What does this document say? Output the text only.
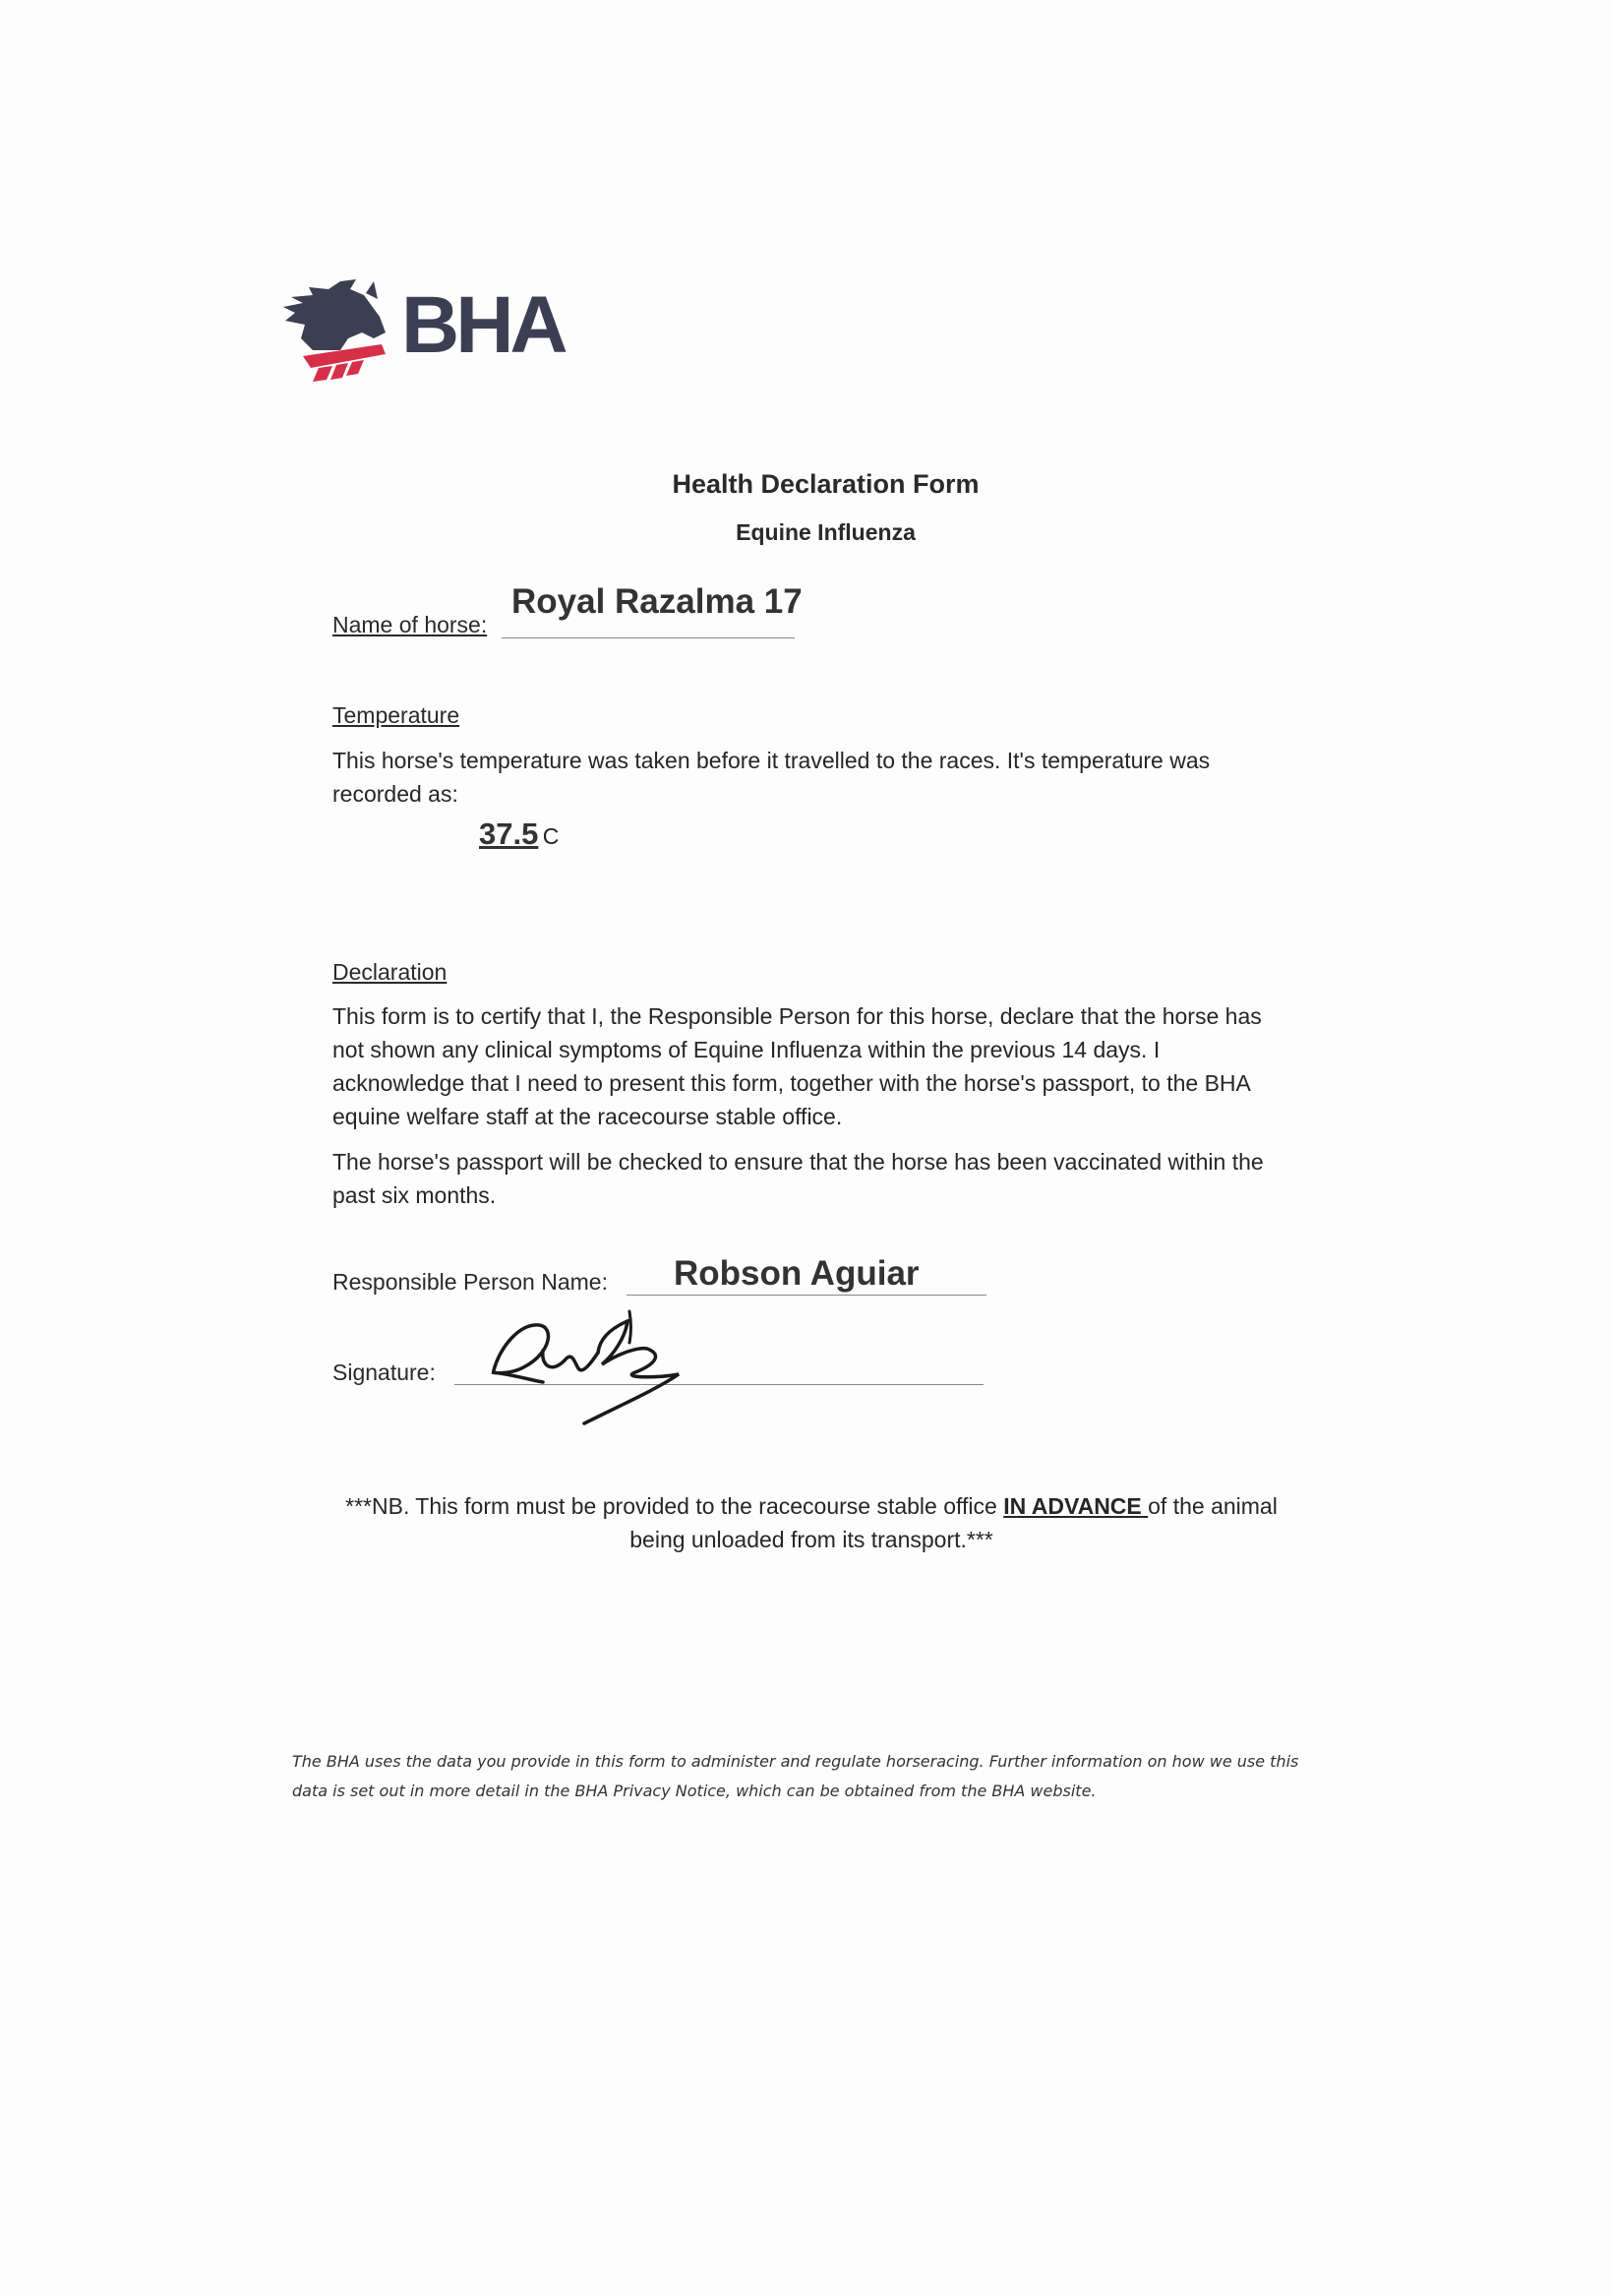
BHA
Health Declaration Form
Equine Influenza
Name of horse:
Royal Razalma 17
Temperature
This horse's temperature was taken before it travelled to the races. It's temperature was recorded as:
37.5 C
Declaration
This form is to certify that I, the Responsible Person for this horse, declare that the horse has not shown any clinical symptoms of Equine Influenza within the previous 14 days. I acknowledge that I need to present this form, together with the horse's passport, to the BHA equine welfare staff at the racecourse stable office.
The horse's passport will be checked to ensure that the horse has been vaccinated within the past six months.
Responsible Person Name: Robson Aguiar
Signature:
***NB. This form must be provided to the racecourse stable office IN ADVANCE of the animal being unloaded from its transport.***
The BHA uses the data you provide in this form to administer and regulate horseracing. Further information on how we use this data is set out in more detail in the BHA Privacy Notice, which can be obtained from the BHA website.
